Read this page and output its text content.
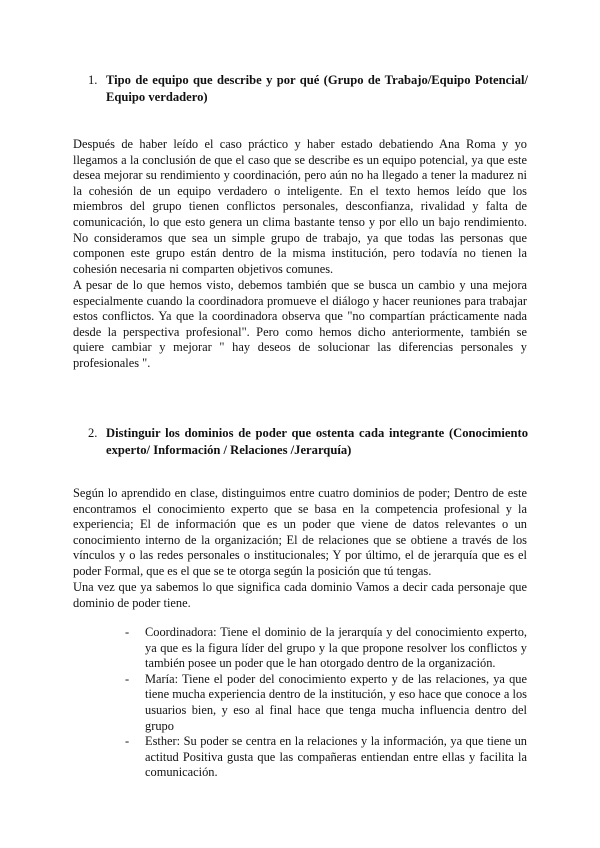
1. Tipo de equipo que describe y por qué (Grupo de Trabajo/Equipo Potencial/ Equipo verdadero)

Después de haber leído el caso práctico y haber estado debatiendo Ana Roma y yo llegamos a la conclusión de que el caso que se describe es un equipo potencial, ya que este desea mejorar su rendimiento y coordinación, pero aún no ha llegado a tener la madurez ni la cohesión de un equipo verdadero o inteligente. En el texto hemos leído que los miembros del grupo tienen conflictos personales, desconfianza, rivalidad y falta de comunicación, lo que esto genera un clima bastante tenso y por ello un bajo rendimiento. No consideramos que sea un simple grupo de trabajo, ya que todas las personas que componen este grupo están dentro de la misma institución, pero todavía no tienen la cohesión necesaria ni comparten objetivos comunes.

A pesar de lo que hemos visto, debemos también que se busca un cambio y una mejora especialmente cuando la coordinadora promueve el diálogo y hacer reuniones para trabajar estos conflictos. Ya que la coordinadora observa que "no compartían prácticamente nada desde la perspectiva profesional". Pero como hemos dicho anteriormente, también se quiere cambiar y mejorar " hay deseos de solucionar las diferencias personales y profesionales ".

2. Distinguir los dominios de poder que ostenta cada integrante (Conocimiento experto/ Información / Relaciones /Jerarquía)

Según lo aprendido en clase, distinguimos entre cuatro dominios de poder; Dentro de este encontramos el conocimiento experto que se basa en la competencia profesional y la experiencia; El de información que es un poder que viene de datos relevantes o un conocimiento interno de la organización; El de relaciones que se obtiene a través de los vínculos y o las redes personales o institucionales; Y por último, el de jerarquía que es el poder Formal, que es el que se te otorga según la posición que tú tengas.

Una vez que ya sabemos lo que significa cada dominio Vamos a decir cada personaje que dominio de poder tiene.

-	Coordinadora: Tiene el dominio de la jerarquía y del conocimiento experto, ya que es la figura líder del grupo y la que propone resolver los conflictos y también posee un poder que le han otorgado dentro de la organización.
-	María: Tiene el poder del conocimiento experto y de las relaciones, ya que tiene mucha experiencia dentro de la institución, y eso hace que conoce a los usuarios bien, y eso al final hace que tenga mucha influencia dentro del grupo
-	Esther: Su poder se centra en la relaciones y la información, ya que tiene un actitud Positiva gusta que las compañeras entiendan entre ellas y facilita la comunicación.
